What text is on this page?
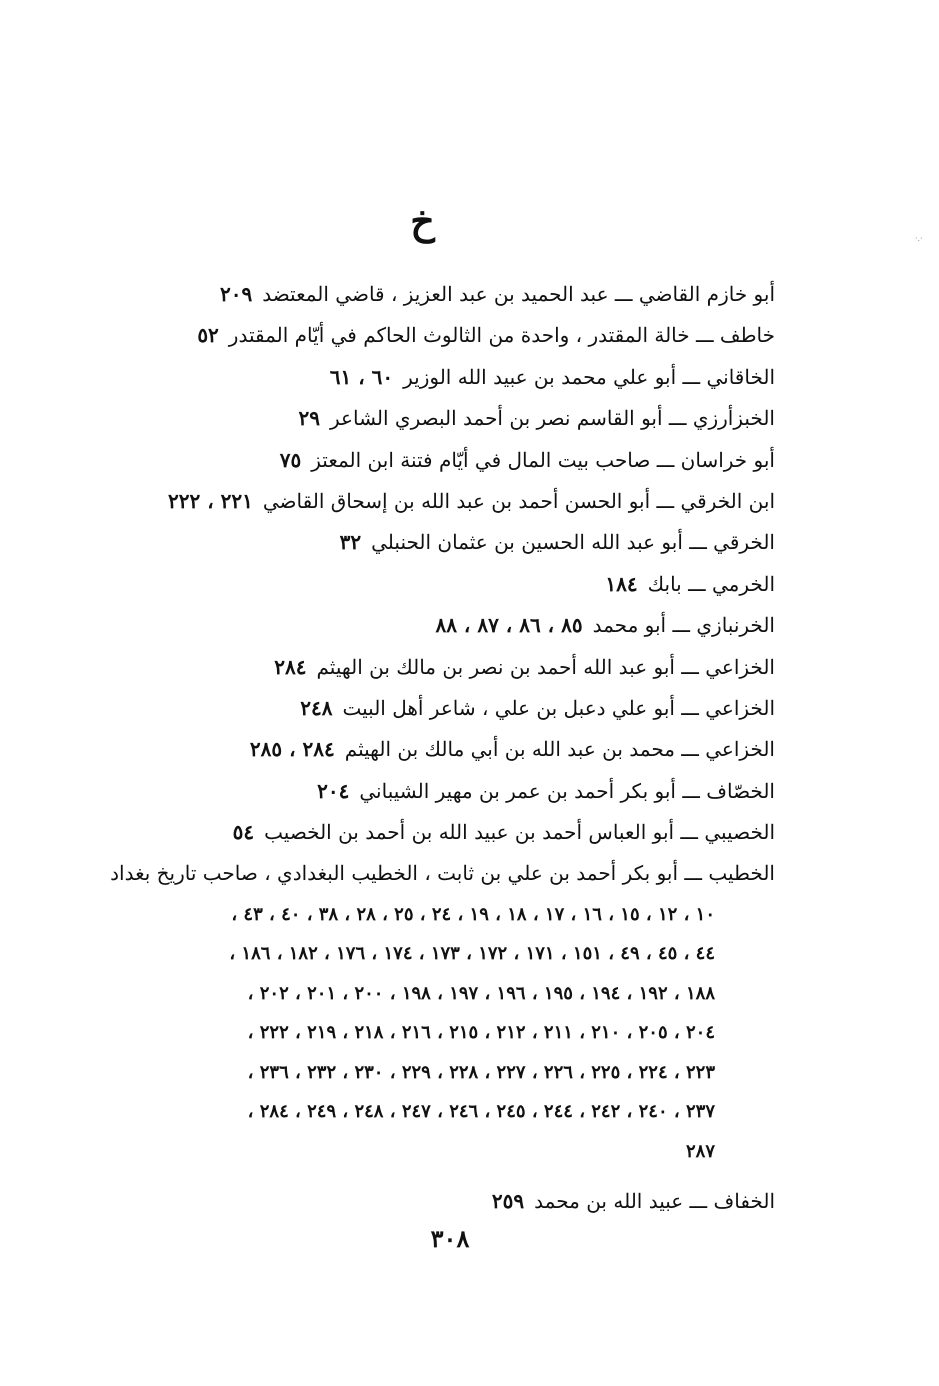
·.·
خ

أبو خازم القاضي ـــ عبد الحميد بن عبد العزيز ، قاضي المعتضد٢٠٩

خاطف ـــ خالة المقتدر ، واحدة من الثالوث الحاكم في أيّام المقتدر٥٢

الخاقاني ـــ أبو علي محمد بن عبيد الله الوزير٦٠ ، ٦١

الخبزأرزي ـــ أبو القاسم نصر بن أحمد البصري الشاعر٢٩

أبو خراسان ـــ صاحب بيت المال في أيّام فتنة ابن المعتز٧٥

ابن الخرقي ـــ أبو الحسن أحمد بن عبد الله بن إسحاق القاضي٢٢١ ، ٢٢٢

الخرقي ـــ أبو عبد الله الحسين بن عثمان الحنبلي٣٢

الخرمي ـــ بابك١٨٤

الخرنبازي ـــ أبو محمد٨٥ ، ٨٦ ، ٨٧ ، ٨٨

الخزاعي ـــ أبو عبد الله أحمد بن نصر بن مالك بن الهيثم٢٨٤

الخزاعي ـــ أبو علي دعبل بن علي ، شاعر أهل البيت٢٤٨

الخزاعي ـــ محمد بن عبد الله بن أبي مالك بن الهيثم٢٨٤ ، ٢٨٥

الخصّاف ـــ أبو بكر أحمد بن عمر بن مهير الشيباني٢٠٤

الخصيبي ـــ أبو العباس أحمد بن عبيد الله بن أحمد بن الخصيب٥٤

الخطيب ـــ أبو بكر أحمد بن علي بن ثابت ، الخطيب البغدادي ، صاحب تاريخ بغداد

١٠ ، ١٢ ، ١٥ ، ١٦ ، ١٧ ، ١٨ ، ١٩ ، ٢٤ ، ٢٥ ، ٢٨ ، ٣٨ ، ٤٠ ، ٤٣ ،
٤٤ ، ٤٥ ، ٤٩ ، ١٥١ ، ١٧١ ، ١٧٢ ، ١٧٣ ، ١٧٤ ، ١٧٦ ، ١٨٢ ، ١٨٦ ،
١٨٨ ، ١٩٢ ، ١٩٤ ، ١٩٥ ، ١٩٦ ، ١٩٧ ، ١٩٨ ، ٢٠٠ ، ٢٠١ ، ٢٠٢ ،
٢٠٤ ، ٢٠٥ ، ٢١٠ ، ٢١١ ، ٢١٢ ، ٢١٥ ، ٢١٦ ، ٢١٨ ، ٢١٩ ، ٢٢٢ ،
٢٢٣ ، ٢٢٤ ، ٢٢٥ ، ٢٢٦ ، ٢٢٧ ، ٢٢٨ ، ٢٢٩ ، ٢٣٠ ، ٢٣٢ ، ٢٣٦ ،
٢٣٧ ، ٢٤٠ ، ٢٤٢ ، ٢٤٤ ، ٢٤٥ ، ٢٤٦ ، ٢٤٧ ، ٢٤٨ ، ٢٤٩ ، ٢٨٤ ،
٢٨٧

الخفاف ـــ عبيد الله بن محمد٢٥٩

٣٠٨
